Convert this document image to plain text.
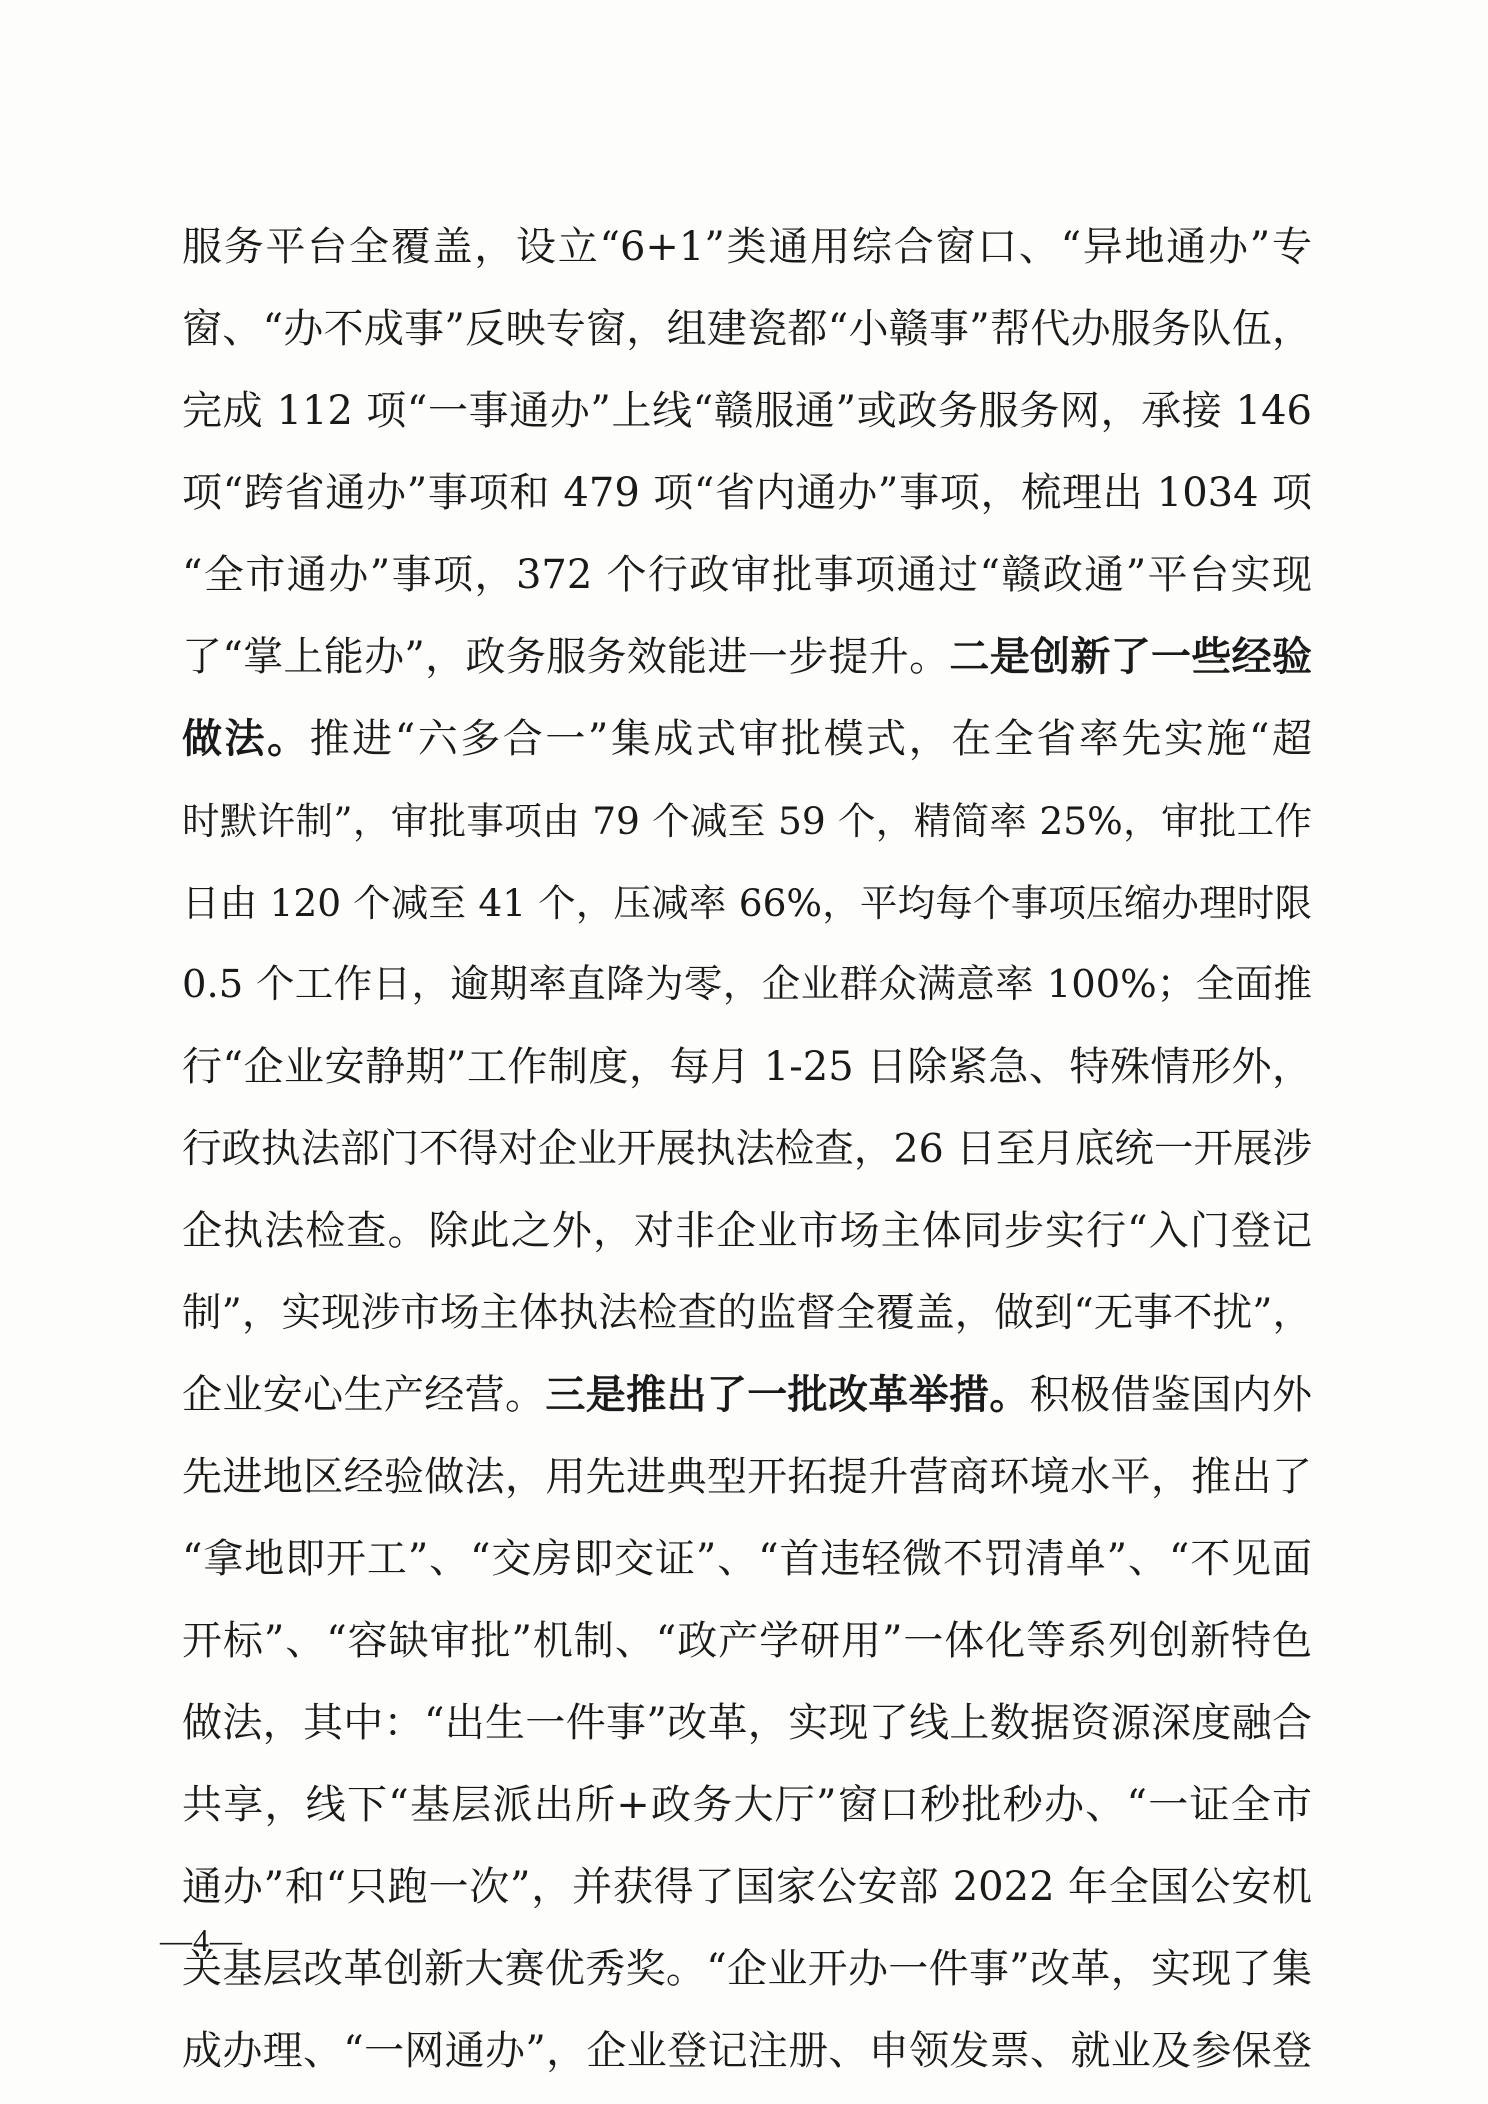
服务平台全覆盖，设立“6+1”类通用综合窗口、“异地通办”专
窗、“办不成事”反映专窗，组建瓷都“小赣事”帮代办服务队伍，
完成 112 项“一事通办”上线“赣服通”或政务服务网，承接 146
项“跨省通办”事项和 479 项“省内通办”事项，梳理出 1034 项
“全市通办”事项，372 个行政审批事项通过“赣政通”平台实现
了“掌上能办”，政务服务效能进一步提升。二是创新了一些经验
做法。推进“六多合一”集成式审批模式，在全省率先实施“超
时默许制”，审批事项由 79 个减至 59 个，精简率 25%，审批工作
日由 120 个减至 41 个，压减率 66%，平均每个事项压缩办理时限
0.5 个工作日，逾期率直降为零，企业群众满意率 100%；全面推
行“企业安静期”工作制度，每月 1-25 日除紧急、特殊情形外，
行政执法部门不得对企业开展执法检查，26 日至月底统一开展涉
企执法检查。除此之外，对非企业市场主体同步实行“入门登记
制”，实现涉市场主体执法检查的监督全覆盖，做到“无事不扰”，
企业安心生产经营。三是推出了一批改革举措。积极借鉴国内外
先进地区经验做法，用先进典型开拓提升营商环境水平，推出了
“拿地即开工”、“交房即交证”、“首违轻微不罚清单”、“不见面
开标”、“容缺审批”机制、“政产学研用”一体化等系列创新特色
做法，其中：“出生一件事”改革，实现了线上数据资源深度融合
共享，线下“基层派出所+政务大厅”窗口秒批秒办、“一证全市
通办”和“只跑一次”，并获得了国家公安部 2022 年全国公安机
关基层改革创新大赛优秀奖。“企业开办一件事”改革，实现了集
成办理、“一网通办”，企业登记注册、申领发票、就业及参保登
—4—
